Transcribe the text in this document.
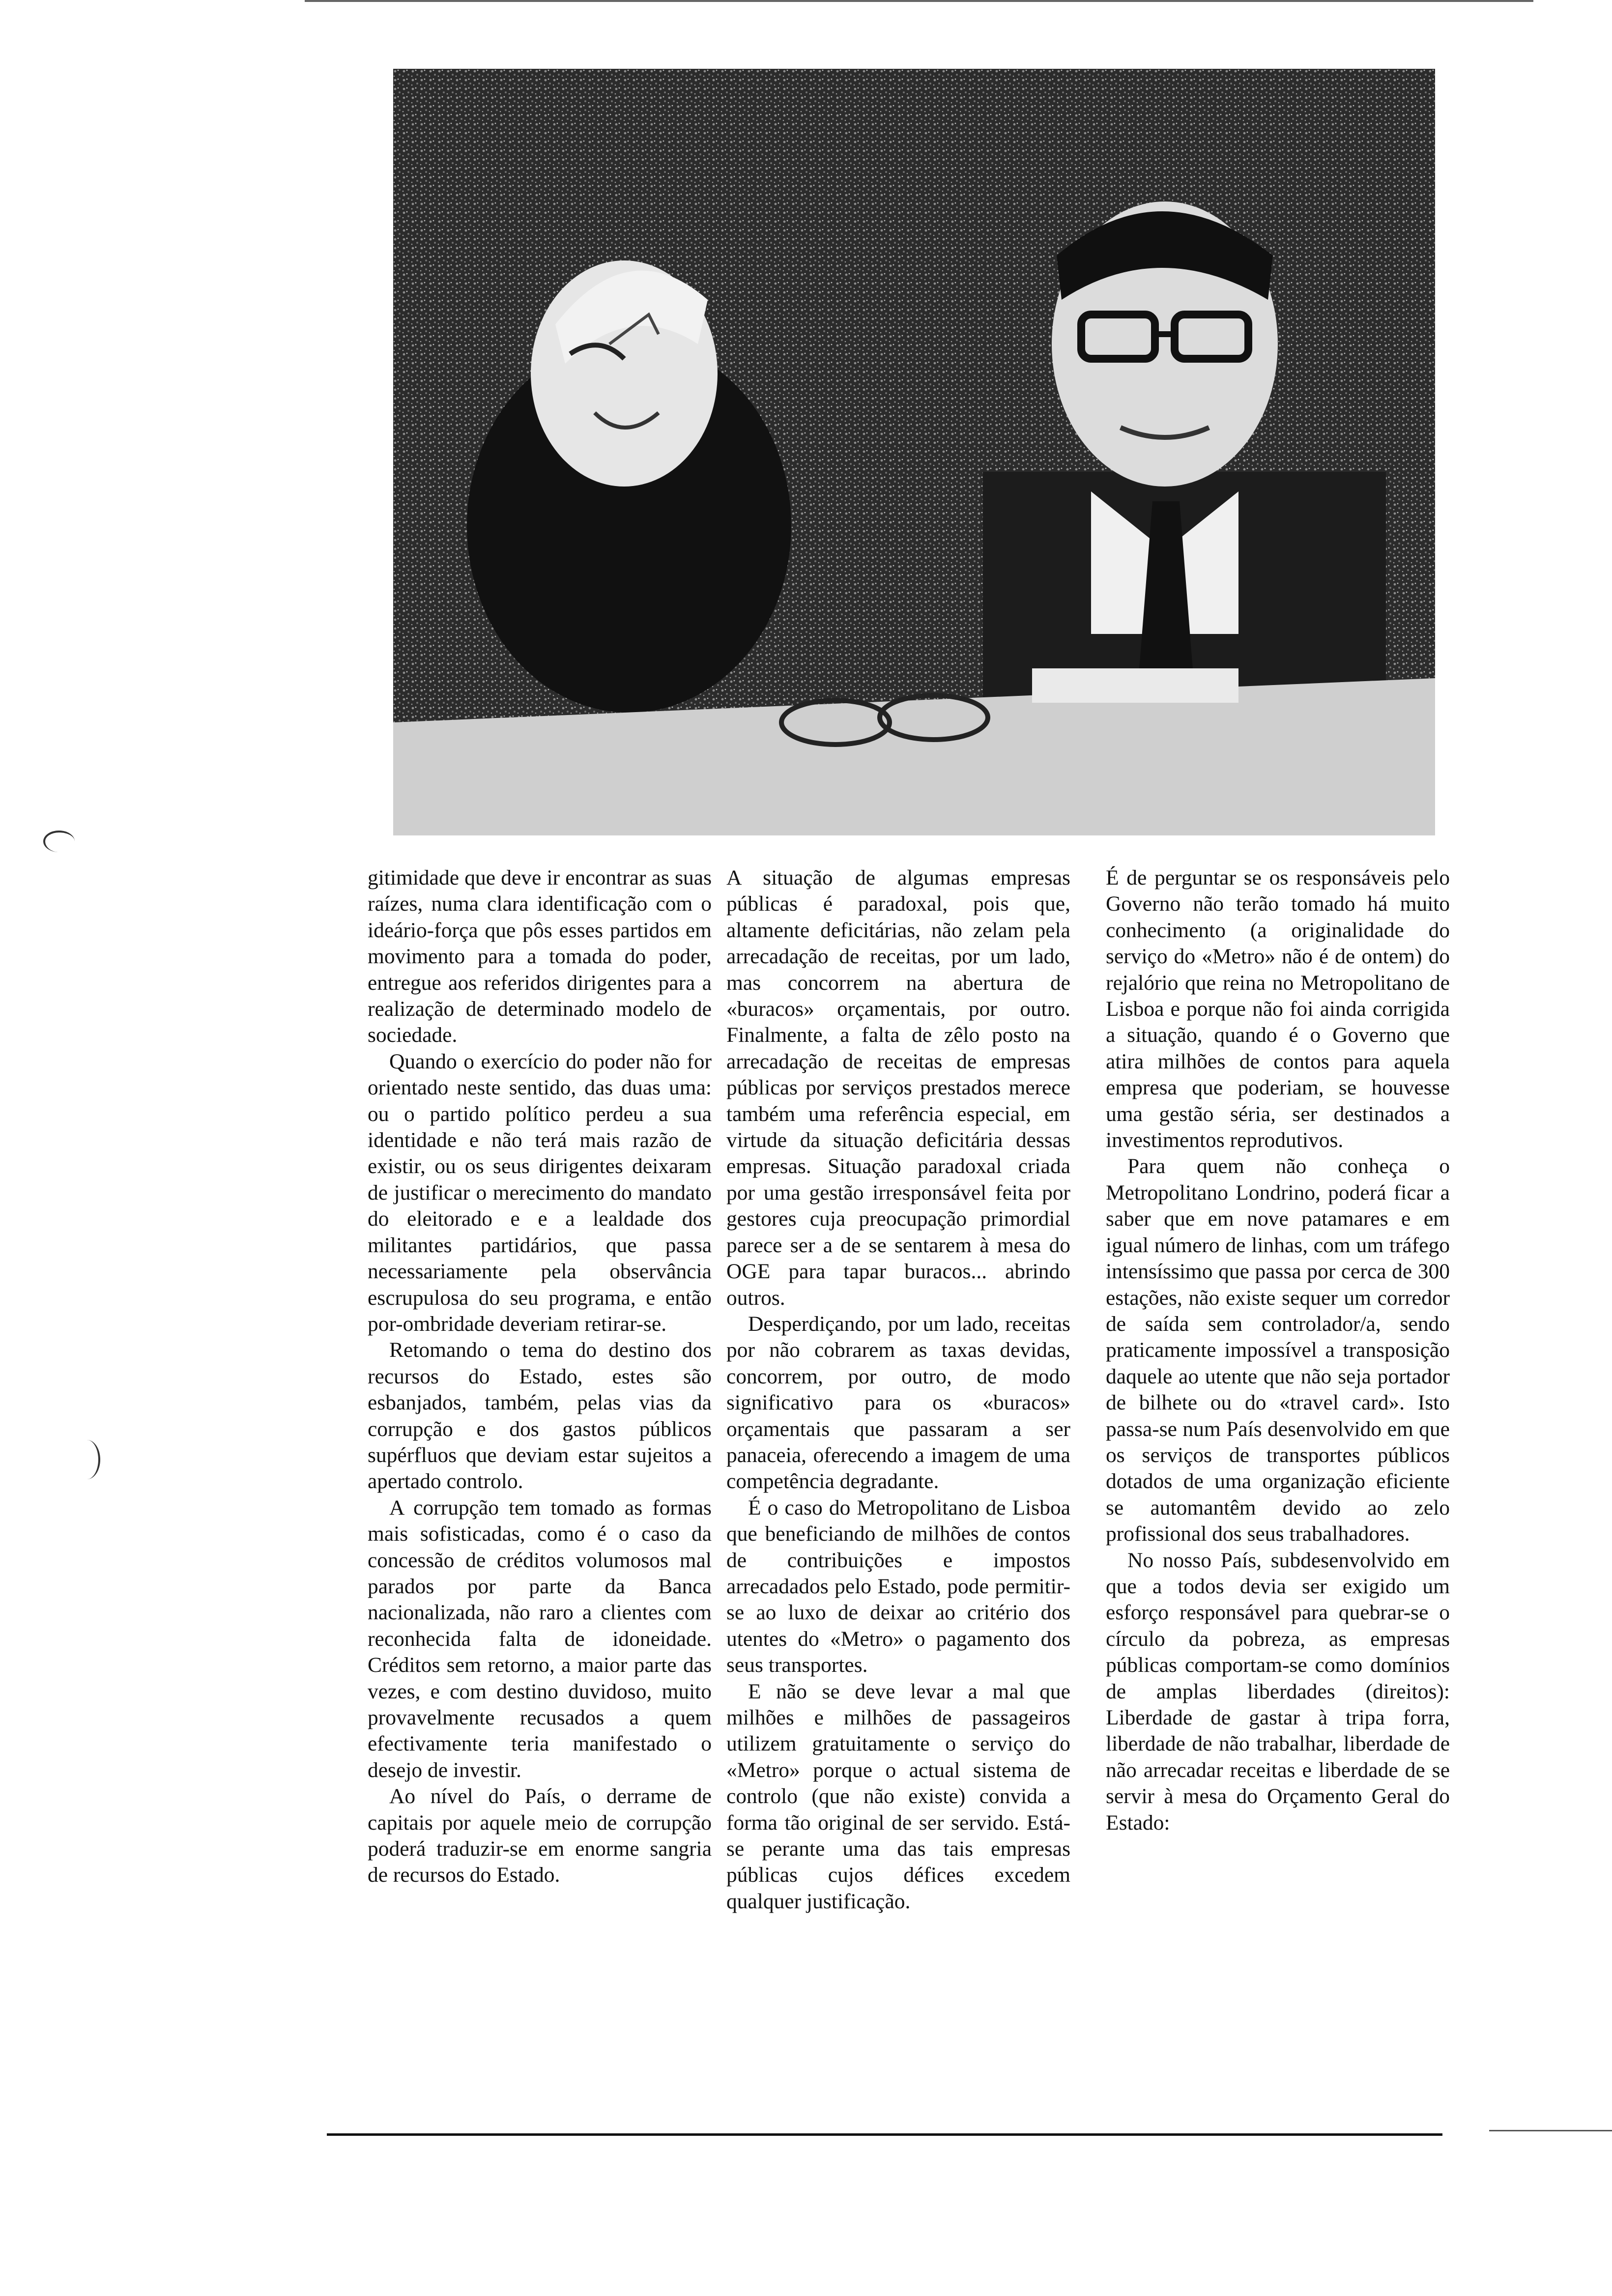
gitimidade que deve ir encontrar as suas raízes, numa clara identificação com o ideário-força que pôs esses partidos em movimento para a tomada do poder, entregue aos referidos dirigentes para a realização de determinado modelo de sociedade.

Quando o exercício do poder não for orientado neste sentido, das duas uma: ou o partido político perdeu a sua identidade e não terá mais razão de existir, ou os seus dirigentes deixaram de justificar o merecimento do mandato do eleitorado e e a lealdade dos militantes partidários, que passa necessariamente pela observância escrupulosa do seu programa, e então por-ombridade deveriam retirar-se.

Retomando o tema do destino dos recursos do Estado, estes são esbanjados, também, pelas vias da corrupção e dos gastos públicos supérfluos que deviam estar sujeitos a apertado controlo.

A corrupção tem tomado as formas mais sofisticadas, como é o caso da concessão de créditos volumosos mal parados por parte da Banca nacionalizada, não raro a clientes com reconhecida falta de idoneidade. Créditos sem retorno, a maior parte das vezes, e com destino duvidoso, muito provavelmente recusados a quem efectivamente teria manifestado o desejo de investir.

Ao nível do País, o derrame de capitais por aquele meio de corrupção poderá traduzir-se em enorme sangria de recursos do Estado.

A situação de algumas empresas públicas é paradoxal, pois que, altamente deficitárias, não zelam pela arrecadação de receitas, por um lado, mas concorrem na abertura de «buracos» orçamentais, por outro. Finalmente, a falta de zêlo posto na arrecadação de receitas de empresas públicas por serviços prestados merece também uma referência especial, em virtude da situação deficitária dessas empresas. Situação paradoxal criada por uma gestão irresponsável feita por gestores cuja preocupação primordial parece ser a de se sentarem à mesa do OGE para tapar buracos... abrindo outros.

Desperdiçando, por um lado, receitas por não cobrarem as taxas devidas, concorrem, por outro, de modo significativo para os «buracos» orçamentais que passaram a ser panaceia, oferecendo a imagem de uma competência degradante.

É o caso do Metropolitano de Lisboa que beneficiando de milhões de contos de contribuições e impostos arrecadados pelo Estado, pode permitir-se ao luxo de deixar ao critério dos utentes do «Metro» o pagamento dos seus transportes.

E não se deve levar a mal que milhões e milhões de passageiros utilizem gratuitamente o serviço do «Metro» porque o actual sistema de controlo (que não existe) convida a forma tão original de ser servido. Está-se perante uma das tais empresas públicas cujos défices excedem qualquer justificação.

É de perguntar se os responsáveis pelo Governo não terão tomado há muito conhecimento (a originalidade do serviço do «Metro» não é de ontem) do rejalório que reina no Metropolitano de Lisboa e porque não foi ainda corrigida a situação, quando é o Governo que atira milhões de contos para aquela empresa que poderiam, se houvesse uma gestão séria, ser destinados a investimentos reprodutivos.

Para quem não conheça o Metropolitano Londrino, poderá ficar a saber que em nove patamares e em igual número de linhas, com um tráfego intensíssimo que passa por cerca de 300 estações, não existe sequer um corredor de saída sem controlador/a, sendo praticamente impossível a transposição daquele ao utente que não seja portador de bilhete ou do «travel card». Isto passa-se num País desenvolvido em que os serviços de transportes públicos dotados de uma organização eficiente se automantêm devido ao zelo profissional dos seus trabalhadores.

No nosso País, subdesenvolvido em que a todos devia ser exigido um esforço responsável para quebrar-se o círculo da pobreza, as empresas públicas comportam-se como domínios de amplas liberdades (direitos): Liberdade de gastar à tripa forra, liberdade de não trabalhar, liberdade de não arrecadar receitas e liberdade de se servir à mesa do Orçamento Geral do Estado:
